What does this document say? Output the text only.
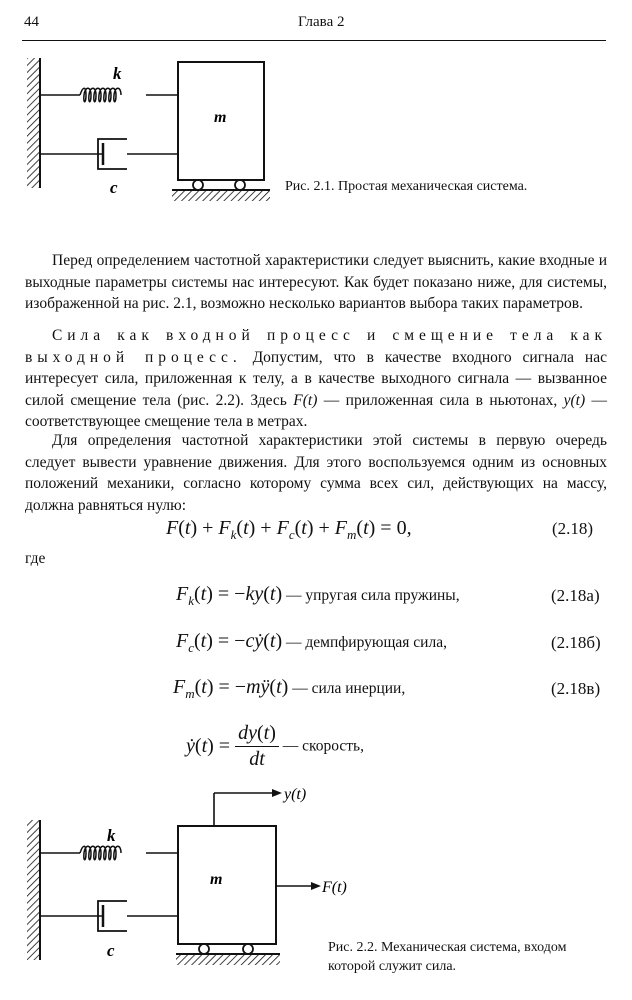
44	Глава 2
k
c
m
Рис. 2.1. Простая механическая система.

Перед определением частотной характеристики следует выяснить, какие входные и выходные параметры системы нас интересуют. Как будет показано ниже, для системы, изображенной на рис. 2.1, возможно несколько вариантов выбора таких параметров.

Сила как входной процесс и смещение тела как выходной процесс. Допустим, что в качестве входного сигнала нас интересует сила, приложенная к телу, а в качестве выходного сигнала — вызванное силой смещение тела (рис. 2.2). Здесь F(t) — приложенная сила в ньютонах, y(t) — соответствующее смещение тела в метрах.

Для определения частотной характеристики этой системы в первую очередь следует вывести уравнение движения. Для этого воспользуемся одним из основных положений механики, согласно которому сумма всех сил, действующих на массу, должна равняться нулю:

$F(t) + F_k(t) + F_c(t) + F_m(t) = 0$,	(2.18)
где
$F_k(t) = -ky(t)$ — упругая сила пружины,	(2.18а)
$F_c(t)$ = −cẏ(t) — демпфирующая сила,	(2.18б)
$F_m(t)$ = −mÿ(t) — сила инерции,	(2.18в)
ẏ(t) = $\frac{dy(t)}{dt}$ — скорость,
k
c
m
y(t)
F(t)
Рис. 2.2. Механическая система, входом которой служит сила.
